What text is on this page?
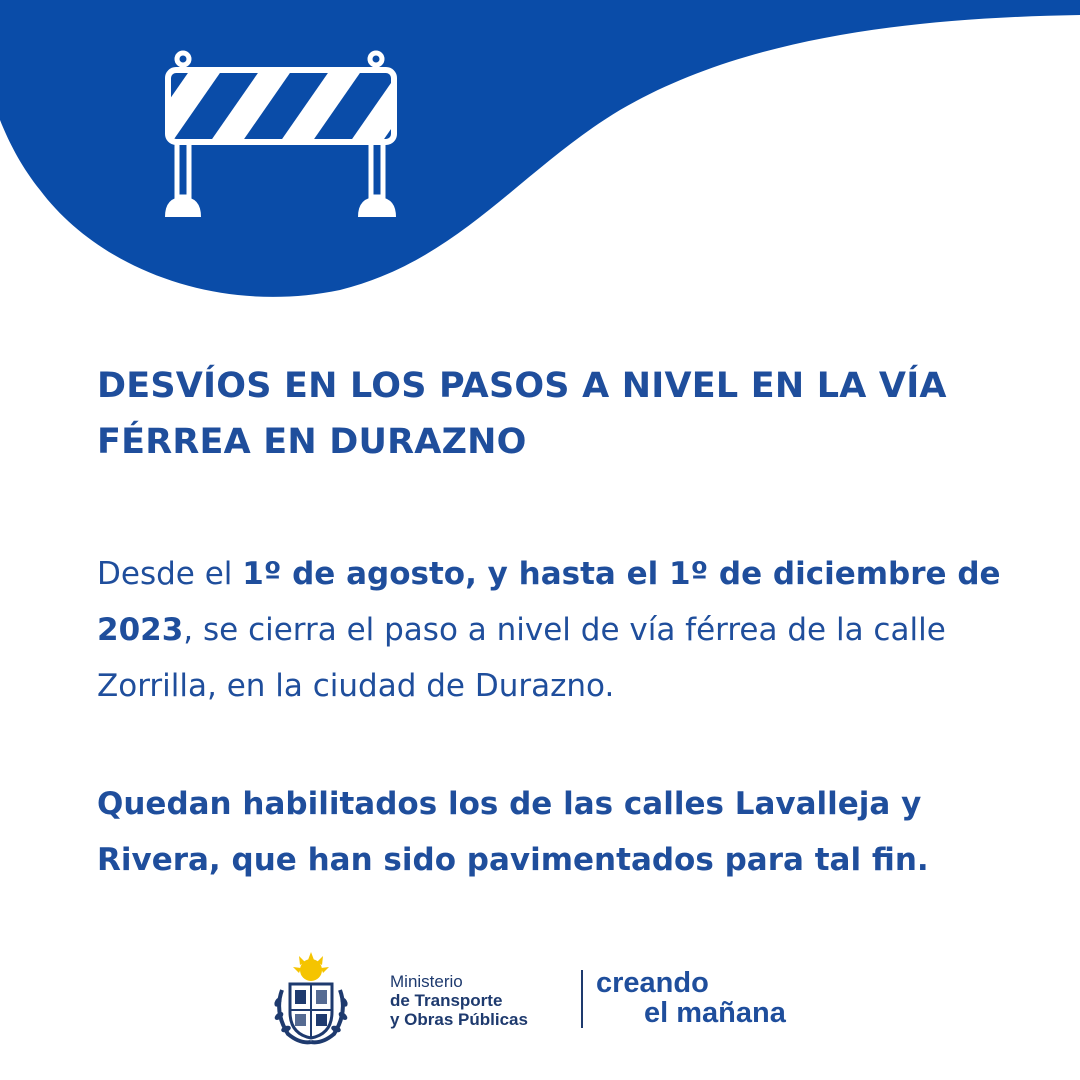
DESVÍOS EN LOS PASOS A NIVEL EN LA VÍA FÉRREA EN DURAZNO

Desde el 1º de agosto, y hasta el 1º de diciembre de 2023, se cierra el paso a nivel de vía férrea de la calle Zorrilla, en la ciudad de Durazno.

Quedan habilitados los de las calles Lavalleja y Rivera, que han sido pavimentados para tal fin.

Ministerio
de Transporte
y Obras Públicas
creando
el mañana
